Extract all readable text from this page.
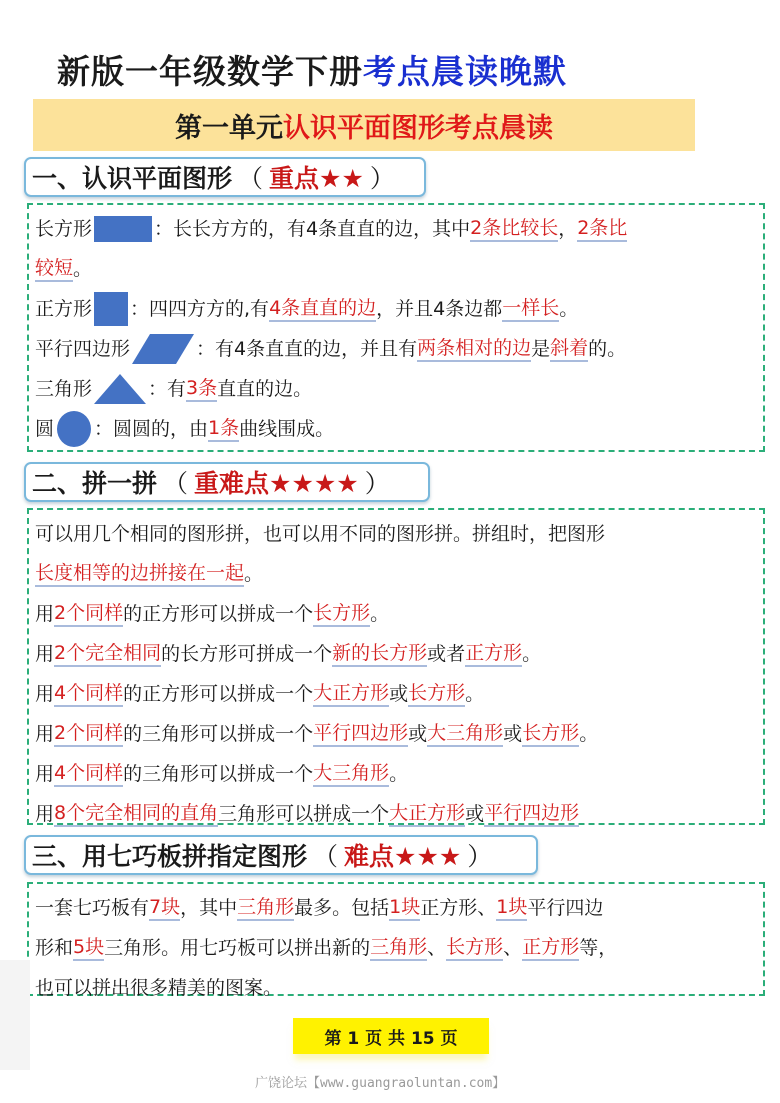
新版一年级数学下册考点晨读晚默
第一单元 认识平面图形考点晨读
一、认识平面图形 （ 重点★★ ）
长方形	：长长方方的，有4条直直的边，其中 2条比较长 ， 2条比
较短 。
正方形 ：四四方方的,有 4条直直的边 ，并且4条边都 一样长 。
平行四边形	：有4条直直的边，并且有 两条相对的边 是 斜着 的。
三角形	：有 3条 直直的边。
圆 ：圆圆的，由 1条 曲线围成。
二、拼一拼 （ 重难点★★★★ ）
可以用几个相同的图形拼，也可以用不同的图形拼。拼组时，把图形
长度相等的边拼接在一起 。
用 2个同样 的正方形可以拼成一个 长方形 。
用 2个完全相同 的长方形可拼成一个 新的长方形 或者 正方形 。
用 4个同样 的正方形可以拼成一个 大正方形 或 长方形 。
用 2个同样 的三角形可以拼成一个 平行四边形 或 大三角形 或 长方形 。
用 4个同样 的三角形可以拼成一个 大三角形 。
用 8个完全相同的直角 三角形可以拼成一个 大正方形 或 平行四边形
三、用七巧板拼指定图形 （ 难点★★★ ）
一套七巧板有 7块 ，其中 三角形 最多。包括 1块 正方形、 1块 平行四边
形和 5块 三角形。用七巧板可以拼出新的 三角形 、 长方形 、 正方形 等，
也可以拼出很多精美的图案。
第 1 页 共 15 页
广饶论坛【www.guangraoluntan.com】
